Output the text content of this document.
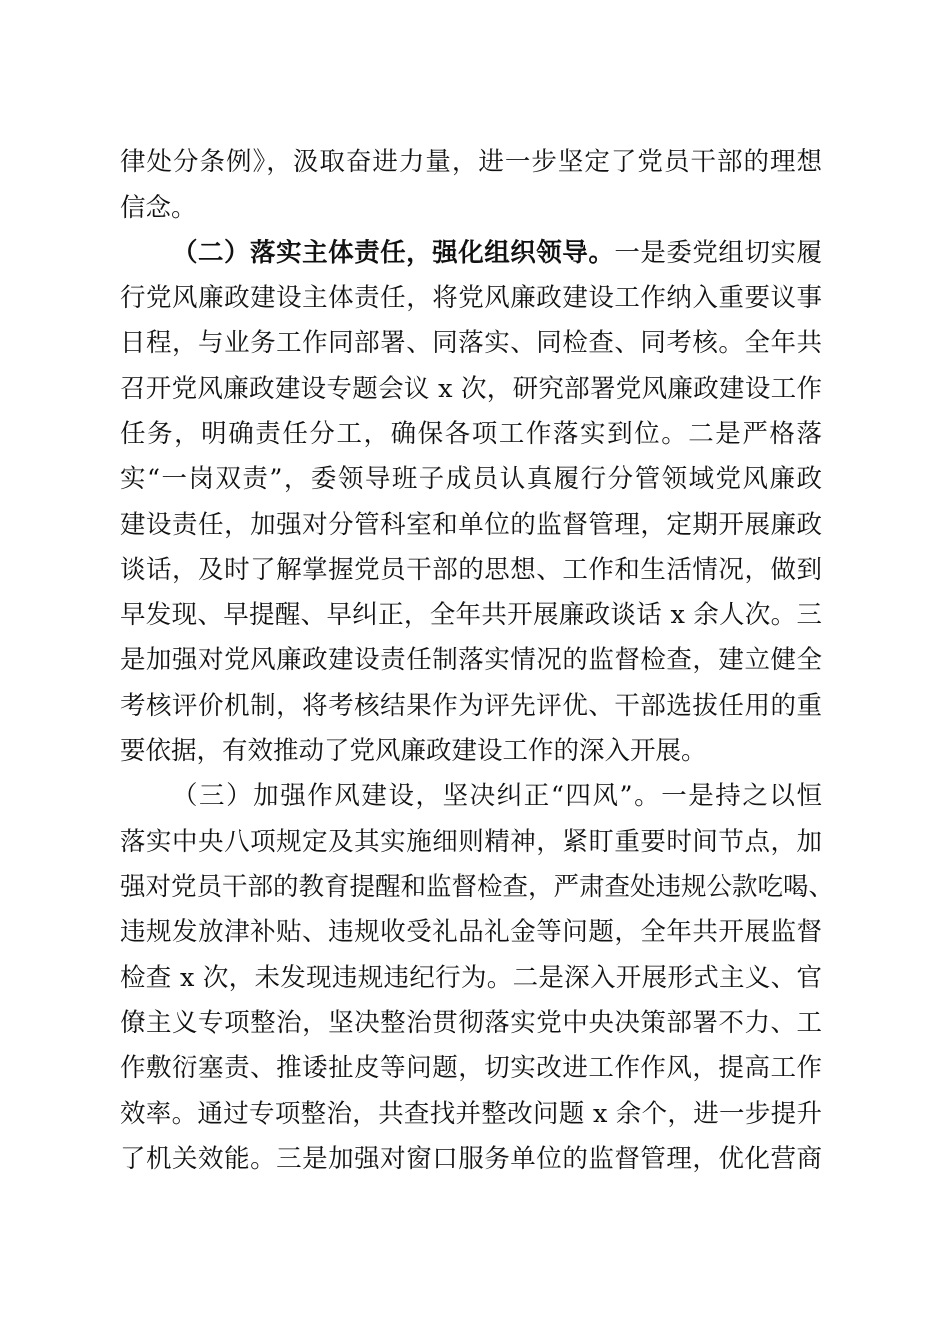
律处分条例》，汲取奋进力量，进一步坚定了党员干部的理想
信念。
（二）落实主体责任，强化组织领导。一是委党组切实履
行党风廉政建设主体责任，将党风廉政建设工作纳入重要议事
日程，与业务工作同部署、同落实、同检查、同考核。全年共
召开党风廉政建设专题会议 x 次，研究部署党风廉政建设工作
任务，明确责任分工，确保各项工作落实到位。二是严格落
实“一岗双责”，委领导班子成员认真履行分管领域党风廉政
建设责任，加强对分管科室和单位的监督管理，定期开展廉政
谈话，及时了解掌握党员干部的思想、工作和生活情况，做到
早发现、早提醒、早纠正，全年共开展廉政谈话 x 余人次。三
是加强对党风廉政建设责任制落实情况的监督检查，建立健全
考核评价机制，将考核结果作为评先评优、干部选拔任用的重
要依据，有效推动了党风廉政建设工作的深入开展。
（三）加强作风建设，坚决纠正“四风”。一是持之以恒
落实中央八项规定及其实施细则精神，紧盯重要时间节点，加
强对党员干部的教育提醒和监督检查，严肃查处违规公款吃喝、
违规发放津补贴、违规收受礼品礼金等问题，全年共开展监督
检查 x 次，未发现违规违纪行为。二是深入开展形式主义、官
僚主义专项整治，坚决整治贯彻落实党中央决策部署不力、工
作敷衍塞责、推诿扯皮等问题，切实改进工作作风，提高工作
效率。通过专项整治，共查找并整改问题 x 余个，进一步提升
了机关效能。三是加强对窗口服务单位的监督管理，优化营商
